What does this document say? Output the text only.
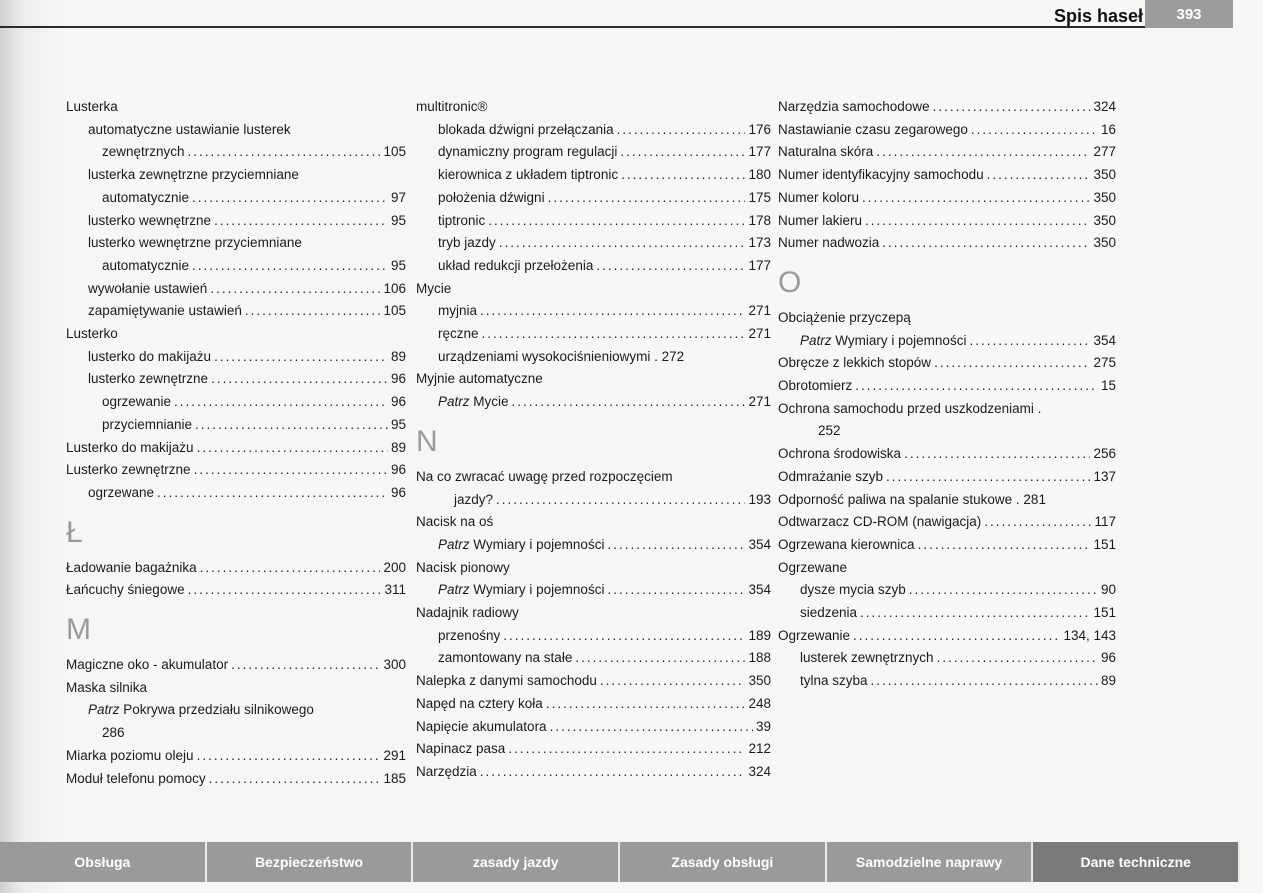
Spis haseł	393
Lusterka
automatyczne ustawianie lusterek
zewnętrznych .....	105
lusterka zewnętrzne przyciemniane
automatycznie .....	97
lusterko wewnętrzne .....	95
lusterko wewnętrzne przyciemniane
automatycznie .....	95
wywołanie ustawień .....	106
zapamiętywanie ustawień .....	105
Lusterko
lusterko do makijażu .....	89
lusterko zewnętrzne .....	96
ogrzewanie .....	96
przyciemnianie .....	95
Lusterko do makijażu .....	89
Lusterko zewnętrzne .....	96
ogrzewane .....	96
Ł
Ładowanie bagażnika .....	200
Łańcuchy śniegowe .....	311
M
Magiczne oko - akumulator .....	300
Maska silnika
Patrz Pokrywa przedziału silnikowego
286
Miarka poziomu oleju .....	291
Moduł telefonu pomocy .....	185
multitronic®
blokada dźwigni przełączania .....	176
dynamiczny program regulacji .....	177
kierownica z układem tiptronic .....	180
położenia dźwigni .....	175
tiptronic .....	178
tryb jazdy .....	173
układ redukcji przełożenia .....	177
Mycie
myjnia .....	271
ręczne .....	271
urządzeniami wysokociśnieniowymi . 272
Myjnie automatyczne
Patrz Mycie .....	271
N
Na co zwracać uwagę przed rozpoczęciem
jazdy? .....	193
Nacisk na oś
Patrz Wymiary i pojemności .....	354
Nacisk pionowy
Patrz Wymiary i pojemności .....	354
Nadajnik radiowy
przenośny .....	189
zamontowany na stałe .....	188
Nalepka z danymi samochodu .....	350
Napęd na cztery koła .....	248
Napięcie akumulatora .....	39
Napinacz pasa .....	212
Narzędzia .....	324
Narzędzia samochodowe .....	324
Nastawianie czasu zegarowego .....	16
Naturalna skóra .....	277
Numer identyfikacyjny samochodu .....	350
Numer koloru .....	350
Numer lakieru .....	350
Numer nadwozia .....	350
O
Obciążenie przyczepą
Patrz Wymiary i pojemności .....	354
Obręcze z lekkich stopów .....	275
Obrotomierz .....	15
Ochrona samochodu przed uszkodzeniami .
252
Ochrona środowiska .....	256
Odmrażanie szyb .....	137
Odporność paliwa na spalanie stukowe . 281
Odtwarzacz CD-ROM (nawigacja) .....	117
Ogrzewana kierownica .....	151
Ogrzewane
dysze mycia szyb .....	90
siedzenia .....	151
Ogrzewanie .....	134, 143
lusterek zewnętrznych .....	96
tylna szyba .....	89
Obsługa	Bezpieczeństwo	zasady jazdy	Zasady obsługi	Samodzielne naprawy	Dane techniczne
